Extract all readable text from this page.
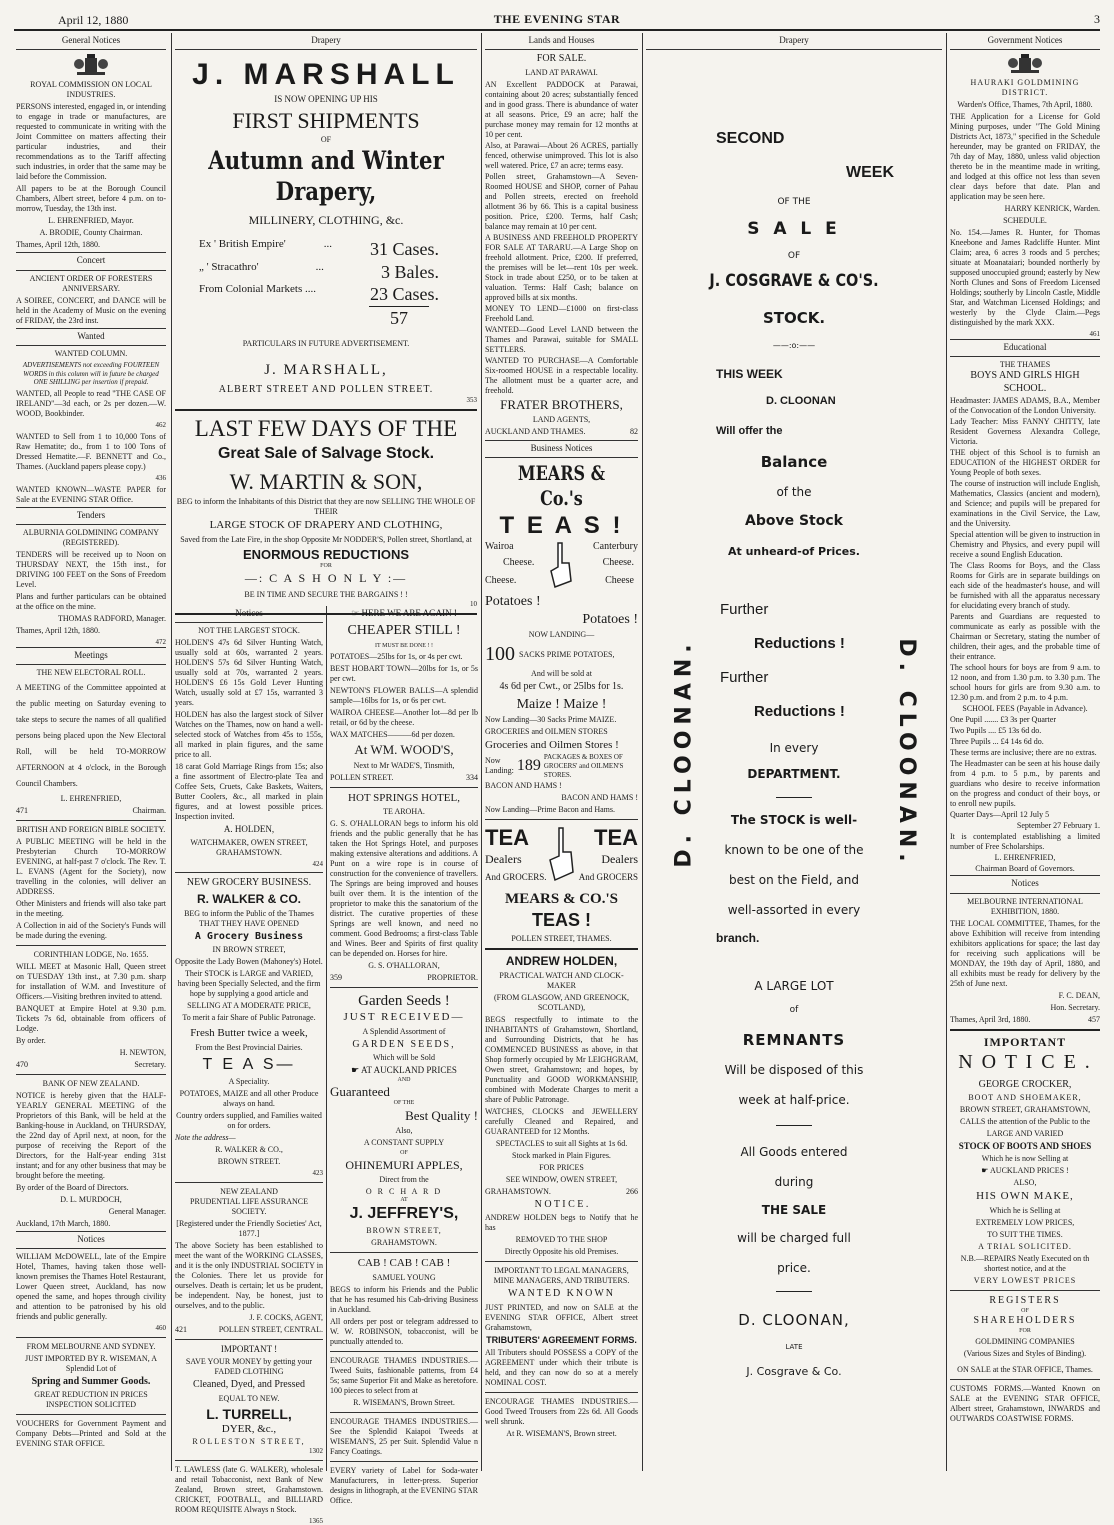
April 12, 1880	THE EVENING STAR	3
General Notices
ROYAL COMMISSION ON LOCAL INDUSTRIES.

PERSONS interested, engaged in, or intending to engage in trade or manufactures, are requested to communicate in writing with the Joint Committee on matters affecting their particular industries, and their recommendations as to the Tariff affecting such industries, in order that the same may be laid before the Commission.

All papers to be at the Borough Council Chambers, Albert street, before 4 p.m. on to-morrow, Tuesday, the 13th inst.

L. EHRENFRIED, Mayor.

A. BRODIE, County Chairman.

Thames, April 12th, 1880.

Concert
ANCIENT ORDER OF FORESTERS ANNIVERSARY.

A SOIREE, CONCERT, and DANCE will be held in the Academy of Music on the evening of FRIDAY, the 23rd inst.

Wanted
WANTED COLUMN.

ADVERTISEMENTS not exceeding FOURTEEN WORDS in this column will in future be charged ONE SHILLING per insertion if prepaid.

WANTED, all People to read "THE CASE OF IRELAND"—3d each, or 2s per dozen.—W. WOOD, Bookbinder.

462

WANTED to Sell from 1 to 10,000 Tons of Raw Hematite; do., from 1 to 100 Tons of Dressed Hematite.—F. BENNETT and Co., Thames. (Auckland papers please copy.)

436

WANTED KNOWN—WASTE PAPER for Sale at the EVENING STAR Office.

Tenders
ALBURNIA GOLDMINING COMPANY (REGISTERED).

TENDERS will be received up to Noon on THURSDAY NEXT, the 15th inst., for DRIVING 100 FEET on the Sons of Freedom Level.

Plans and further particulars can be obtained at the office on the mine.

THOMAS RADFORD, Manager.

Thames, April 12th, 1880.

472
Meetings
THE NEW ELECTORAL ROLL.

A MEETING of the Committee appointed at the public meeting on Saturday evening to take steps to secure the names of all qualified persons being placed upon the New Electoral Roll, will be held TO-MORROW AFTERNOON at 4 o'clock, in the Borough Council Chambers.

L. EHRENFRIED,

471	Chairman.
BRITISH AND FOREIGN BIBLE SOCIETY.

A PUBLIC MEETING will be held in the Presbyterian Church TO-MORROW EVENING, at half-past 7 o'clock. The Rev. T. L. EVANS (Agent for the Society), now travelling in the colonies, will deliver an ADDRESS.

Other Ministers and friends will also take part in the meeting.

A Collection in aid of the Society's Funds will be made during the evening.

CORINTHIAN LODGE, No. 1655.

WILL MEET at Masonic Hall, Queen street on TUESDAY 13th inst., at 7.30 p.m. sharp for installation of W.M. and Investiture of Officers.—Visiting brethren invited to attend.

BANQUET at Empire Hotel at 9.30 p.m. Tickets 7s 6d, obtainable from officers of Lodge.

By order.

H. NEWTON,

470	Secretary.
BANK OF NEW ZEALAND.

NOTICE is hereby given that the HALF-YEARLY GENERAL MEETING of the Proprietors of this Bank, will be held at the Banking-house in Auckland, on THURSDAY, the 22nd day of April next, at noon, for the purpose of receiving the Report of the Directors, for the Half-year ending 31st instant; and for any other business that may be brought before the meeting.

By order of the Board of Directors.

D. L. MURDOCH,

General Manager.

Auckland, 17th March, 1880.

Notices

WILLIAM McDOWELL, late of the Empire Hotel, Thames, having taken those well-known premises the Thames Hotel Restaurant, Lower Queen street, Auckland, has now opened the same, and hopes through civility and attention to be patronised by his old friends and public generally.

460
FROM MELBOURNE AND SYDNEY.

JUST IMPORTED BY R. WISEMAN, A Splendid Lot of

Spring and Summer Goods.

GREAT REDUCTION IN PRICES INSPECTION SOLICITED

VOUCHERS for Government Payment and Company Debts—Printed and Sold at the EVENING STAR OFFICE.

Drapery
J. MARSHALL
IS NOW OPENING UP HIS
FIRST SHIPMENTS
OF
Autumn and Winter Drapery,
MILLINERY, CLOTHING, &c.
Ex ' British Empire'	... 31 Cases.
„ ' Stracathro'	...	3 Bales.
From Colonial Markets ....	23 Cases.
57
PARTICULARS IN FUTURE ADVERTISEMENT.
J. MARSHALL,
ALBERT STREET AND POLLEN STREET.
353
LAST FEW DAYS OF THE
Great Sale of Salvage Stock.
W. MARTIN & SON,

BEG to inform the Inhabitants of this District that they are now SELLING THE WHOLE OF THEIR

LARGE STOCK OF DRAPERY AND CLOTHING,

Saved from the Late Fire, in the shop Opposite Mr NODDER'S, Pollen street, Shortland, at

ENORMOUS REDUCTIONS
FOR
—: C A S H O N L Y :—
BE IN TIME AND SECURE THE BARGAINS ! !
10
Notices
NOT THE LARGEST STOCK.

HOLDEN'S 47s 6d Silver Hunting Watch, usually sold at 60s, warranted 2 years. HOLDEN'S 57s 6d Silver Hunting Watch, usually sold at 70s, warranted 2 years. HOLDEN'S £6 15s Gold Lever Hunting Watch, usually sold at £7 15s, warranted 3 years.

HOLDEN has also the largest stock of Silver Watches on the Thames, now on hand a well-selected stock of Watches from 45s to 155s, all marked in plain figures, and the same price to all.

18 carat Gold Marriage Rings from 15s; also a fine assortment of Electro-plate Tea and Coffee Sets, Cruets, Cake Baskets, Waiters, Butter Coolers, &c., all marked in plain figures, and at lowest possible prices. Inspection invited.

A. HOLDEN,

WATCHMAKER, OWEN STREET, GRAHAMSTOWN.

424
NEW GROCERY BUSINESS.
R. WALKER & CO.

BEG to inform the Public of the Thames THAT THEY HAVE OPENED

A Grocery Business

IN BROWN STREET,

Opposite the Lady Bowen (Mahoney's) Hotel.

Their STOCK is LARGE and VARIED, having been Specially Selected, and the firm hope by supplying a good article and

SELLING AT A MODERATE PRICE,

To merit a fair Share of Public Patronage.

Fresh Butter twice a week,

From the Best Provincial Dairies.

T E A S—

A Speciality.

POTATOES, MAIZE and all other Produce always on hand.

Country orders supplied, and Families waited on for orders.

Note the address—

R. WALKER & CO.,

BROWN STREET.

423
NEW ZEALAND
PRUDENTIAL LIFE ASSURANCE SOCIETY.

[Registered under the Friendly Societies' Act, 1877.]

The above Society has been established to meet the want of the WORKING CLASSES, and it is the only INDUSTRIAL SOCIETY in the Colonies. There let us provide for ourselves. Death is certain; let us be prudent, be independent. Nay, be honest, just to ourselves, and to the public.

J. F. COCKS, AGENT,

421	POLLEN STREET, CENTRAL.
IMPORTANT !

SAVE YOUR MONEY by getting your FADED CLOTHING

Cleaned, Dyed, and Pressed

EQUAL TO NEW.

L. TURRELL,
DYER, &c.,
ROLLESTON STREET,
1302

T. LAWLESS (late G. WALKER), wholesale and retail Tobacconist, next Bank of New Zealand, Brown street, Grahamstown. CRICKET, FOOTBALL, and BILLIARD ROOM REQUISITE Always n Stock.

1365
☞ HERE WE ARE AGAIN !
CHEAPER STILL !
IT MUST BE DONE ! !

POTATOES—25lbs for 1s, or 4s per cwt.

BEST HOBART TOWN—20lbs for 1s, or 5s per cwt.

NEWTON'S FLOWER BALLS—A splendid sample—16lbs for 1s, or 6s per cwt.

WAIROA CHEESE—Another lot—8d per lb retail, or 6d by the cheese.

WAX MATCHES———6d per dozen.

At WM. WOOD'S,

Next to Mr WADE'S, Tinsmith,

POLLEN STREET.	334
HOT SPRINGS HOTEL,

TE AROHA.

G. S. O'HALLORAN begs to inform his old friends and the public generally that he has taken the Hot Springs Hotel, and purposes making extensive alterations and additions. A Punt on a wire rope is in course of construction for the convenience of travellers. The Springs are being improved and houses built over them. It is the intention of the proprietor to make this the sanatorium of the district. The curative properties of these Springs are well known, and need no comment. Good Bedrooms; a first-class Table and Wines. Beer and Spirits of first quality can be depended on. Horses for hire.

G. S. O'HALLORAN,

359	PROPRIETOR.
Garden Seeds !
JUST RECEIVED—

A Splendid Assortment of

GARDEN SEEDS,

Which will be Sold

☛ AT AUCKLAND PRICES
AND
Guaranteed
OF THE
Best Quality !

Also,

A CONSTANT SUPPLY

OF
OHINEMURI APPLES,

Direct from the

O R C H A R D
AT
J. JEFFREY'S,

BROWN STREET,

GRAHAMSTOWN.

CAB ! CAB ! CAB !

SAMUEL YOUNG

BEGS to inform his Friends and the Public that he has resumed his Cab-driving Business in Auckland.

All orders per post or telegram addressed to W. W. ROBINSON, tobacconist, will be punctually attended to.

ENCOURAGE THAMES INDUSTRIES.—Tweed Suits, fashionable patterns, from £4 5s; same Superior Fit and Make as heretofore. 100 pieces to select from at

R. WISEMAN'S, Brown Street.

ENCOURAGE THAMES INDUSTRIES.—See the Splendid Kaiapoi Tweeds at WISEMAN'S, 25 per Suit. Splendid Value n Fancy Coatings.

EVERY variety of Label for Soda-water Manufacturers, in letter-press. Superior designs in lithograph, at the EVENING STAR Office.

Lands and Houses
FOR SALE.

LAND AT PARAWAI.

AN Excellent PADDOCK at Parawai, containing about 20 acres; substantially fenced and in good grass. There is abundance of water at all seasons. Price, £9 an acre; half the purchase money may remain for 12 months at 10 per cent.

Also, at Parawai—About 26 ACRES, partially fenced, otherwise unimproved. This lot is also well watered. Price, £7 an acre; terms easy.

Pollen street, Grahamstown—A Seven-Roomed HOUSE and SHOP, corner of Pahau and Pollen streets, erected on freehold allotment 36 by 66. This is a capital business position. Price, £200. Terms, half Cash; balance may remain at 10 per cent.

A BUSINESS AND FREEHOLD PROPERTY FOR SALE AT TARARU.—A Large Shop on freehold allotment. Price, £200. If preferred, the premises will be let—rent 10s per week. Stock in trade about £250, or to be taken at valuation. Terms: Half Cash; balance on approved bills at six months.

MONEY TO LEND—£1000 on first-class Freehold Land.

WANTED—Good Level LAND between the Thames and Parawai, suitable for SMALL SETTLERS.

WANTED TO PURCHASE—A Comfortable Six-roomed HOUSE in a respectable locality. The allotment must be a quarter acre, and freehold.

FRATER BROTHERS,

LAND AGENTS,

AUCKLAND AND THAMES.	82
Business Notices
MEARS & Co.'s
T E A S !
Wairoa	Canterbury
Cheese.	Cheese.
Cheese.	Cheese
Potatoes !
Potatoes !

NOW LANDING—

100 SACKS PRIME POTATOES,

And will be sold at

4s 6d per Cwt., or 25lbs for 1s.
Maize ! Maize !

Now Landing—30 Sacks Prime MAIZE.

GROCERIES and OILMEN STORES

Groceries and Oilmen Stores !
Now Landing: 189
PACKAGES & BOXES OF GROCERS' and OILMEN'S STORES.

BACON AND HAMS !

BACON AND HAMS !

Now Landing—Prime Bacon and Hams.

TEA	TEA
Dealers	Dealers
And GROCERS.	And GROCERS
MEARS & CO.'S
TEAS !

POLLEN STREET, THAMES.

ANDREW HOLDEN,

PRACTICAL WATCH AND CLOCK-MAKER

(FROM GLASGOW, AND GREENOCK, SCOTLAND),

BEGS respectfully to intimate to the INHABITANTS of Grahamstown, Shortland, and Surrounding Districts, that he has COMMENCED BUSINESS as above, in that Shop formerly occupied by Mr LEIGHGRAM, Owen street, Grahamstown; and hopes, by Punctuality and GOOD WORKMANSHIP, combined with Moderate Charges to merit a share of Public Patronage.

WATCHES, CLOCKS and JEWELLERY carefully Cleaned and Repaired, and GUARANTEED for 12 Months.

SPECTACLES to suit all Sights at 1s 6d.

Stock marked in Plain Figures.

FOR PRICES

SEE WINDOW, OWEN STREET,

GRAHAMSTOWN.	266
N O T I C E .

ANDREW HOLDEN begs to Notify that he has

REMOVED TO THE SHOP

Directly Opposite his old Premises.

IMPORTANT TO LEGAL MANAGERS, MINE MANAGERS, AND TRIBUTERS.

WANTED KNOWN

JUST PRINTED, and now on SALE at the EVENING STAR OFFICE, Albert street Grahamstown,

TRIBUTERS' AGREEMENT FORMS.

All Tributers should POSSESS a COPY of the AGREEMENT under which their tribute is held, and they can now do so at a merely NOMINAL COST.

ENCOURAGE THAMES INDUSTRIES.—Good Tweed Trousers from 22s 6d. All Goods well shrunk.

At R. WISEMAN'S, Brown street.

Drapery
SECOND
WEEK
OF THE
S A L E
OF
J. COSGRAVE & CO'S.
STOCK.
——:o:——
THIS WEEK
D. CLOONAN
Will offer the
Balance
of the
Above Stock
At unheard-of Prices.
D. CLOONAN.	D. CLOONAN.
Further
Reductions !
Further
Reductions !
In every
DEPARTMENT.
The STOCK is well-
known to be one of the
best on the Field, and
well-assorted in every
branch.
A LARGE LOT
of
REMNANTS
Will be disposed of this
week at half-price.
All Goods entered
during
THE SALE
will be charged full
price.
D. CLOONAN,
LATE
J. Cosgrave & Co.
Government Notices
HAURAKI GOLDMINING DISTRICT.

Warden's Office, Thames, 7th April, 1880.

THE Application for a License for Gold Mining purposes, under "The Gold Mining Districts Act, 1873," specified in the Schedule hereunder, may be granted on FRIDAY, the 7th day of May, 1880, unless valid objection thereto be in the meantime made in writing, and lodged at this office not less than seven clear days before that date. Plan and application may be seen here.

HARRY KENRICK, Warden.

SCHEDULE.

No. 154.—James R. Hunter, for Thomas Kneebone and James Radcliffe Hunter. Mint Claim; area, 6 acres 3 roods and 5 perches; situate at Moanataiari; bounded northerly by supposed unoccupied ground; easterly by New North Clunes and Sons of Freedom Licensed Holdings; southerly by Lincoln Castle, Middle Star, and Watchman Licensed Holdings; and westerly by the Clyde Claim.—Pegs distinguished by the mark XXX.

461
Educational
THE THAMES
BOYS AND GIRLS HIGH SCHOOL.

Headmaster: JAMES ADAMS, B.A., Member of the Convocation of the London University.

Lady Teacher: Miss FANNY CHITTY, late Resident Governess Alexandra College, Victoria.

THE object of this School is to furnish an EDUCATION of the HIGHEST ORDER for Young People of both sexes.

The course of instruction will include English, Mathematics, Classics (ancient and modern), and Science; and pupils will be prepared for examinations in the Civil Service, the Law, and the University.

Special attention will be given to instruction in Chemistry and Physics, and every pupil will receive a sound English Education.

The Class Rooms for Boys, and the Class Rooms for Girls are in separate buildings on each side of the headmaster's house, and will be furnished with all the apparatus necessary for elucidating every branch of study.

Parents and Guardians are requested to communicate as early as possible with the Chairman or Secretary, stating the number of children, their ages, and the probable time of their entrance.

The school hours for boys are from 9 a.m. to 12 noon, and from 1.30 p.m. to 3.30 p.m. The school hours for girls are from 9.30 a.m. to 12.30 p.m. and from 2 p.m. to 4 p.m.

SCHOOL FEES (Payable in Advance).

One Pupil ....... £3 3s per Quarter

Two Pupils .... £5 13s 6d do.

Three Pupils ... £4 14s 6d do.

These terms are inclusive; there are no extras.

The Headmaster can be seen at his house daily from 4 p.m. to 5 p.m., by parents and guardians who desire to receive information on the progress and conduct of their boys, or to enroll new pupils.

Quarter Days—April 12 July 5

September 27 February 1.

It is contemplated establishing a limited number of Free Scholarships.

L. EHRENFRIED,

Chairman Board of Governors.

Notices
MELBOURNE INTERNATIONAL EXHIBITION, 1880.

THE LOCAL COMMITTEE, Thames, for the above Exhibition will receive from intending exhibitors applications for space; the last day for receiving such applications will be MONDAY, the 19th day of April, 1880, and all exhibits must be ready for delivery by the 25th of June next.

F. C. DEAN,

Hon. Secretary.

Thames, April 3rd, 1880.	457
IMPORTANT
N O T I C E .
GEORGE CROCKER,

BOOT AND SHOEMAKER,

BROWN STREET, GRAHAMSTOWN,

CALLS the attention of the Public to the

LARGE AND VARIED

STOCK OF BOOTS AND SHOES

Which he is now Selling at

☛ AUCKLAND PRICES !

ALSO,

HIS OWN MAKE,

Which he is Selling at

EXTREMELY LOW PRICES,

TO SUIT THE TIMES.

A TRIAL SOLICITED.

N.B.—REPAIRS Neatly Executed on th shortest notice, and at the

VERY LOWEST PRICES

REGISTERS
OF
SHAREHOLDERS
FOR

GOLDMINING COMPANIES

(Various Sizes and Styles of Binding).

ON SALE at the STAR OFFICE, Thames.

CUSTOMS FORMS.—Wanted Known on SALE at the EVENING STAR OFFICE, Albert street, Grahamstown, INWARDS and OUTWARDS COASTWISE FORMS.
